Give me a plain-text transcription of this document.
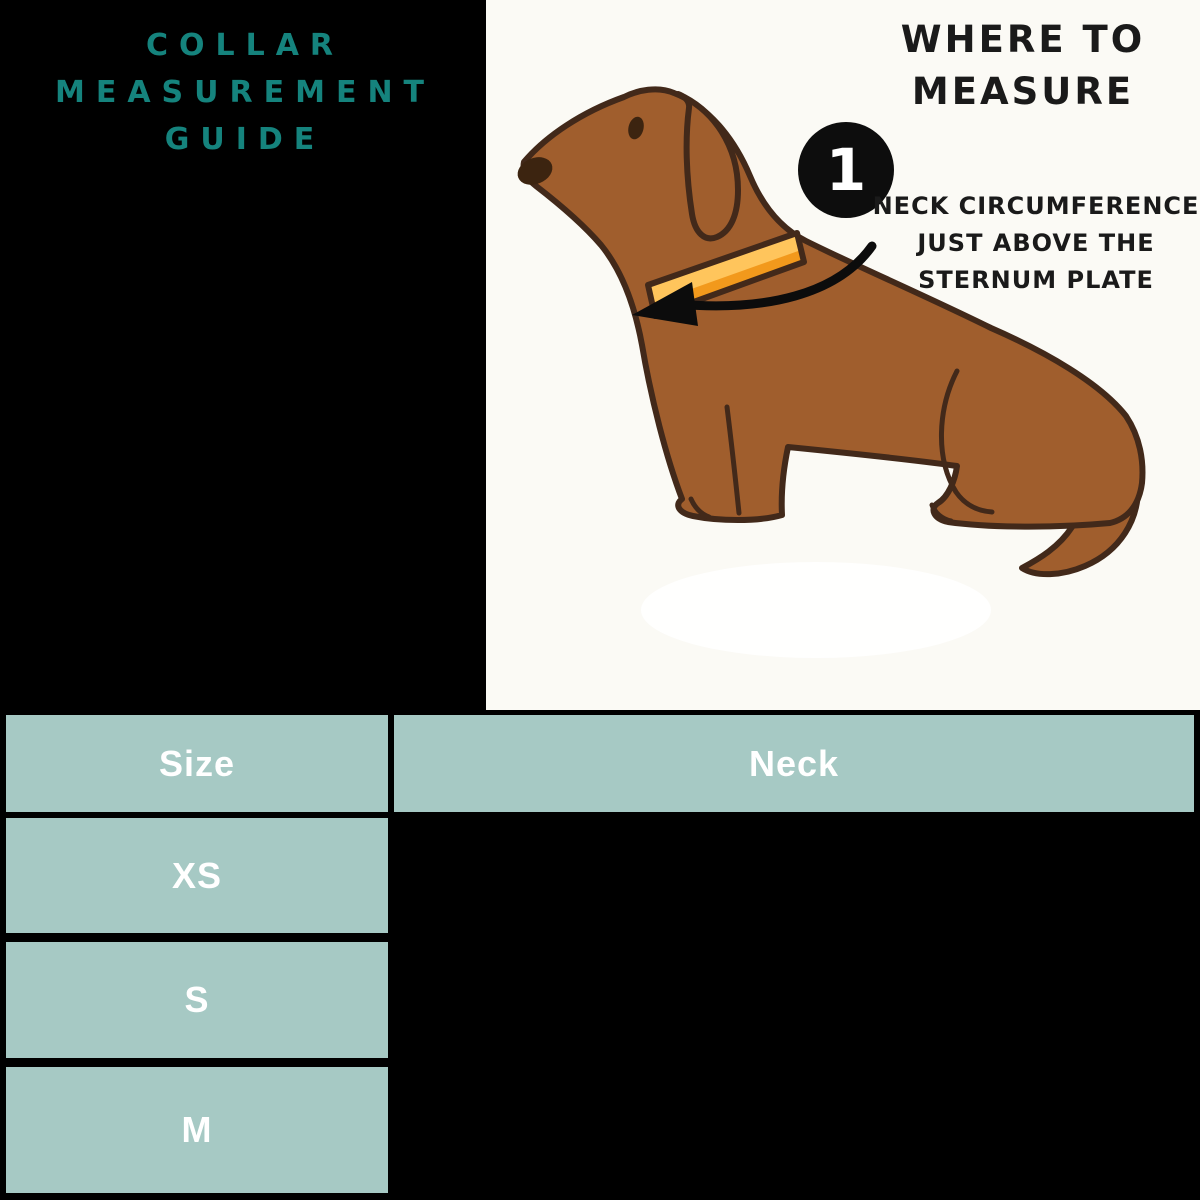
COLLAR
MEASUREMENT
GUIDE
WHERE TO
MEASURE
1
NECK CIRCUMFERENCE
JUST ABOVE THE
STERNUM PLATE
Size	Neck
XS
S
M
